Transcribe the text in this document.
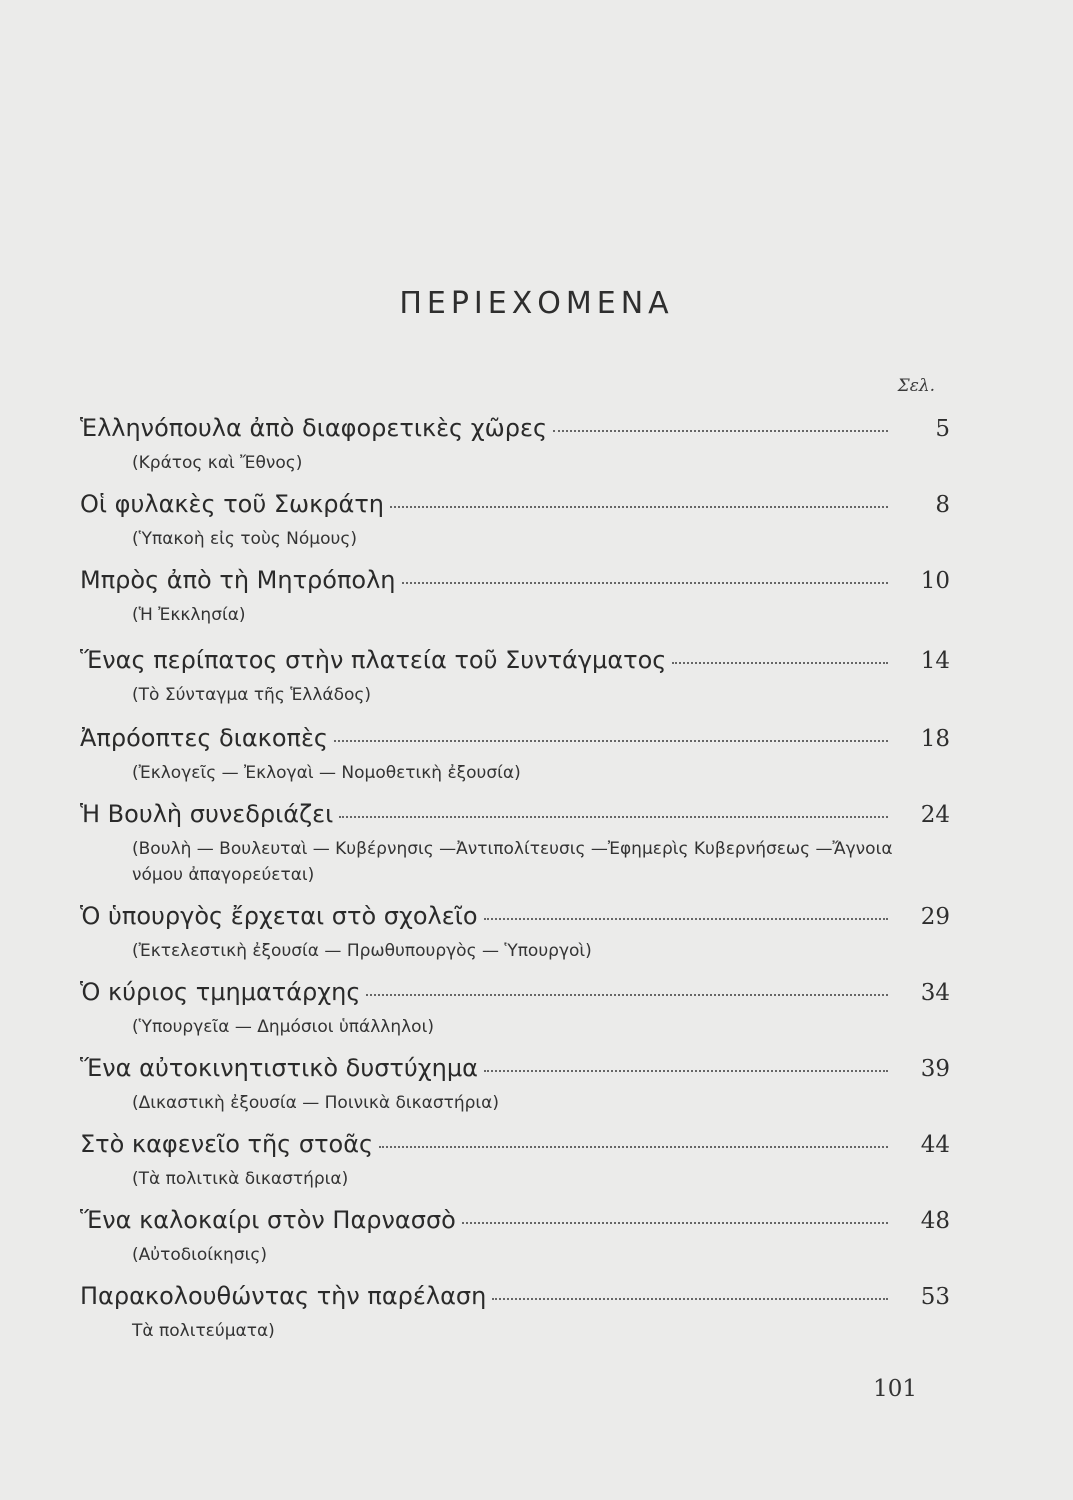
ΠΕΡΙΕΧΟΜΕΝΑ
Σελ.
Ἑλληνόπουλα ἀπὸ διαφορετικὲς χῶρες	5
(Κράτος καὶ Ἔθνος)
Οἱ φυλακὲς τοῦ Σωκράτη	8
(Ὑπακοὴ εἰς τοὺς Νόμους)
Μπρὸς ἀπὸ τὴ Μητρόπολη	10
(Ἡ Ἐκκλησία)
Ἕνας περίπατος στὴν πλατεία τοῦ Συντάγματος	14
(Τὸ Σύνταγμα τῆς Ἑλλάδος)
Ἀπρόοπτες διακοπὲς	18
(Ἐκλογεῖς — Ἐκλογαὶ — Νομοθετικὴ ἐξουσία)
Ἡ Βουλὴ συνεδριάζει	24
(Βουλὴ — Βουλευταὶ — Κυβέρνησις —Ἀντιπολίτευσις —Ἐφημερὶς Κυβερνήσεως —Ἄγνοια νόμου ἀπαγορεύεται)
Ὁ ὑπουργὸς ἔρχεται στὸ σχολεῖο	29
(Ἐκτελεστικὴ ἐξουσία — Πρωθυπουργὸς — Ὑπουργοὶ)
Ὁ κύριος τμηματάρχης	34
(Ὑπουργεῖα — Δημόσιοι ὑπάλληλοι)
Ἕνα αὐτοκινητιστικὸ δυστύχημα	39
(Δικαστικὴ ἐξουσία — Ποινικὰ δικαστήρια)
Στὸ καφενεῖο τῆς στοᾶς	44
(Τὰ πολιτικὰ δικαστήρια)
Ἕνα καλοκαίρι στὸν Παρνασσὸ	48
(Αὐτοδιοίκησις)
Παρακολουθώντας τὴν παρέλαση	53
Τὰ πολιτεύματα)
101
